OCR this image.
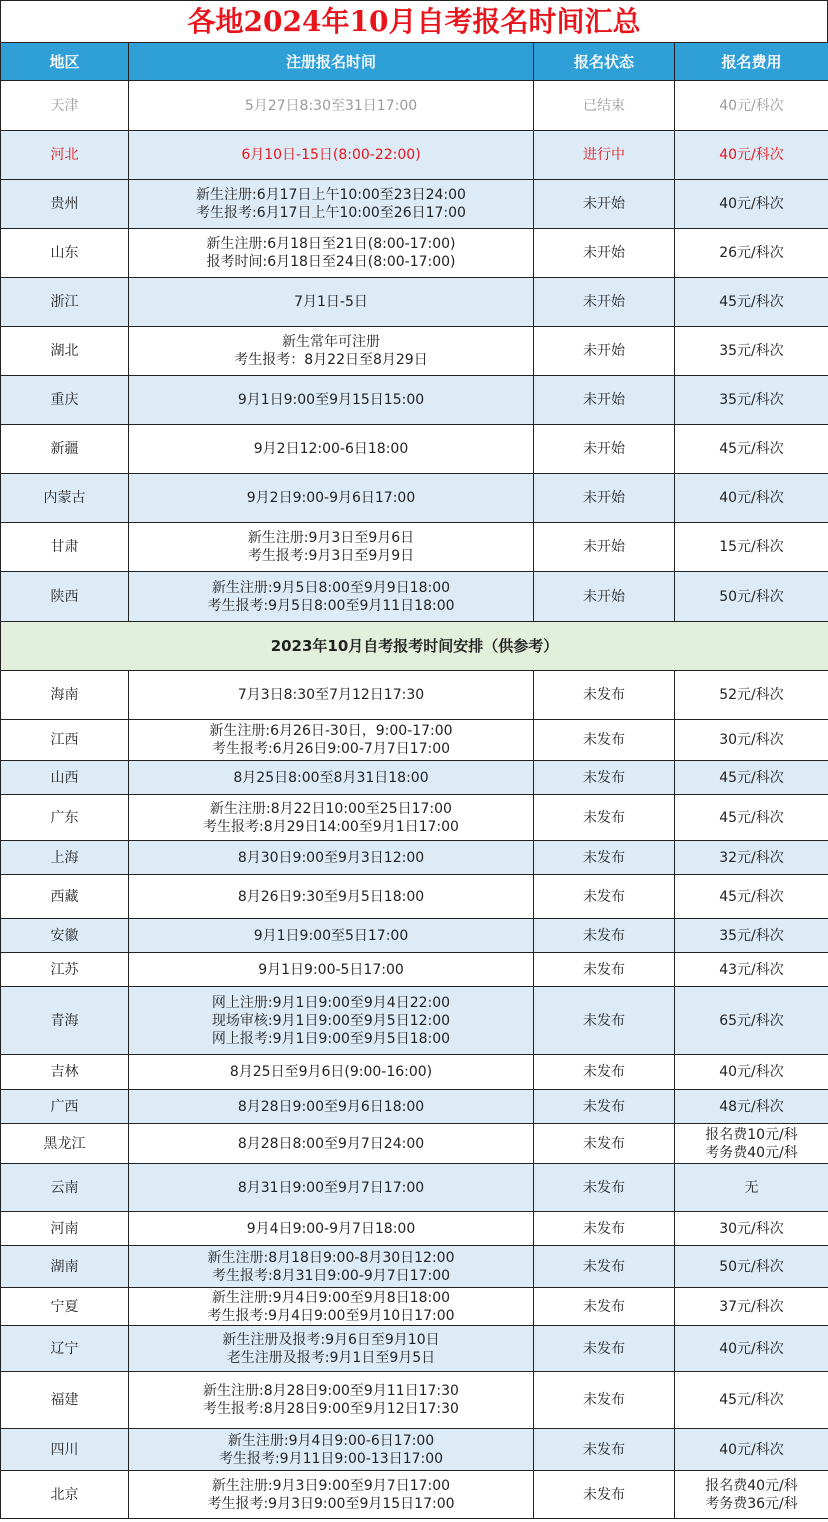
各地2024年10月自考报名时间汇总
地区	注册报名时间	报名状态	报名费用
天津	5月27日8:30至31日17:00	已结束	40元/科次

河北	6月10日-15日(8:00-22:00)	进行中	40元/科次

贵州	新生注册:6月17日上午10:00至23日24:00
考生报考:6月17日上午10:00至26日17:00	未开始	40元/科次

山东	新生注册:6月18日至21日(8:00-17:00)
报考时间:6月18日至24日(8:00-17:00)	未开始	26元/科次

浙江	7月1日-5日	未开始	45元/科次

湖北	新生常年可注册
考生报考：8月22日至8月29日	未开始	35元/科次

重庆	9月1日9:00至9月15日15:00	未开始	35元/科次

新疆	9月2日12:00-6日18:00	未开始	45元/科次

内蒙古	9月2日9:00-9月6日17:00	未开始	40元/科次

甘肃	新生注册:9月3日至9月6日
考生报考:9月3日至9月9日	未开始	15元/科次

陕西	新生注册:9月5日8:00至9月9日18:00
考生报考:9月5日8:00至9月11日18:00	未开始	50元/科次

2023年10月自考报考时间安排（供参考）			
海南	7月3日8:30至7月12日17:30	未发布	52元/科次

江西	新生注册:6月26日-30日，9:00-17:00
考生报考:6月26日9:00-7月7日17:00	未发布	30元/科次

山西	8月25日8:00至8月31日18:00	未发布	45元/科次

广东	新生注册:8月22日10:00至25日17:00
考生报考:8月29日14:00至9月1日17:00	未发布	45元/科次

上海	8月30日9:00至9月3日12:00	未发布	32元/科次

西藏	8月26日9:30至9月5日18:00	未发布	45元/科次

安徽	9月1日9:00至5日17:00	未发布	35元/科次

江苏	9月1日9:00-5日17:00	未发布	43元/科次

青海	网上注册:9月1日9:00至9月4日22:00
现场审核:9月1日9:00至9月5日12:00
网上报考:9月1日9:00至9月5日18:00	未发布	65元/科次

吉林	8月25日至9月6日(9:00-16:00)	未发布	40元/科次

广西	8月28日9:00至9月6日18:00	未发布	48元/科次

黑龙江	8月28日8:00至9月7日24:00	未发布	报名费10元/科
考务费40元/科

云南	8月31日9:00至9月7日17:00	未发布	无

河南	9月4日9:00-9月7日18:00	未发布	30元/科次

湖南	新生注册:8月18日9:00-8月30日12:00
考生报考:8月31日9:00-9月7日17:00	未发布	50元/科次

宁夏	新生注册:9月4日9:00至9月8日18:00
考生报考:9月4日9:00至9月10日17:00	未发布	37元/科次

辽宁	新生注册及报考:9月6日至9月10日
老生注册及报考:9月1日至9月5日	未发布	40元/科次

福建	新生注册:8月28日9:00至9月11日17:30
考生报考:8月28日9:00至9月12日17:30	未发布	45元/科次

四川	新生注册:9月4日9:00-6日17:00
考生报考:9月11日9:00-13日17:00	未发布	40元/科次

北京	新生注册:9月3日9:00至9月7日17:00
考生报考:9月3日9:00至9月15日17:00	未发布	报名费40元/科
考务费36元/科
